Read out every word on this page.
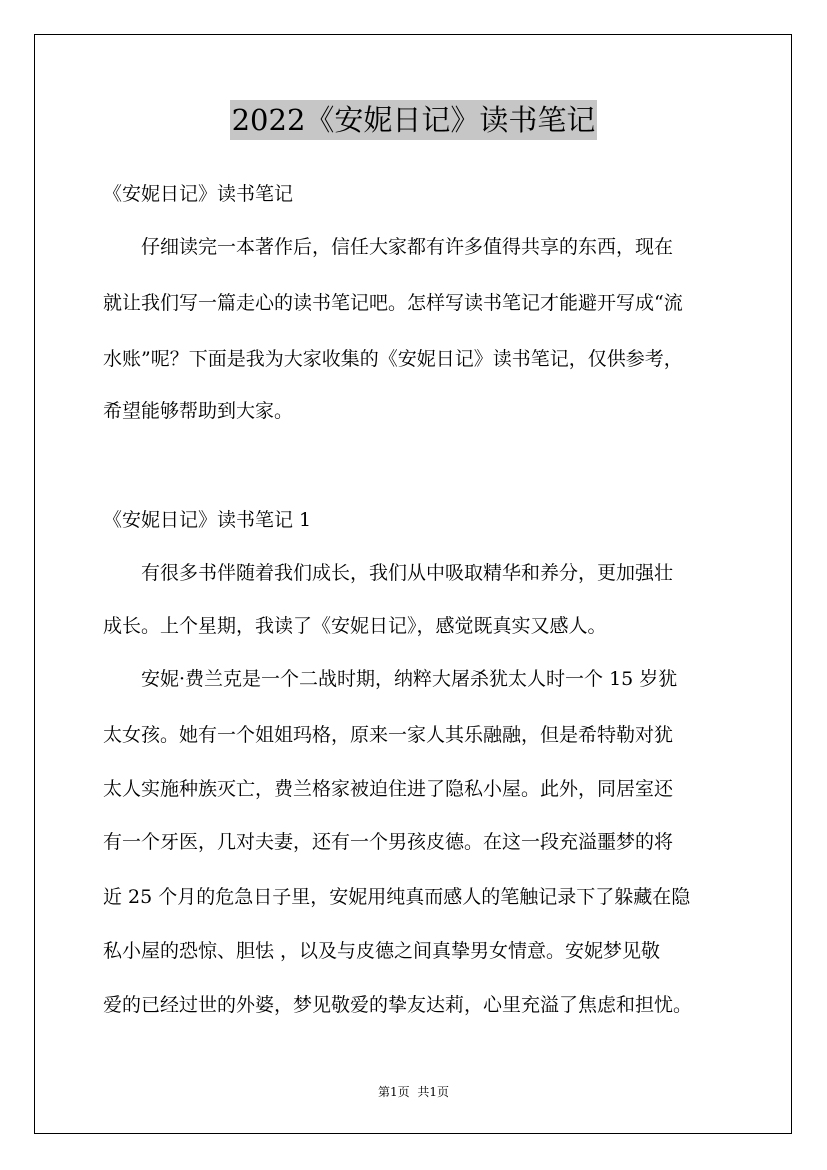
2022《安妮日记》读书笔记
《安妮日记》读书笔记
　　仔细读完一本著作后，信任大家都有许多值得共享的东西，现在
就让我们写一篇走心的读书笔记吧。怎样写读书笔记才能避开写成“流
水账”呢？下面是我为大家收集的《安妮日记》读书笔记，仅供参考，
希望能够帮助到大家。
《安妮日记》读书笔记 1
　　有很多书伴随着我们成长，我们从中吸取精华和养分，更加强壮
成长。上个星期，我读了《安妮日记》，感觉既真实又感人。
　　安妮·费兰克是一个二战时期，纳粹大屠杀犹太人时一个 15 岁犹
太女孩。她有一个姐姐玛格，原来一家人其乐融融，但是希特勒对犹
太人实施种族灭亡，费兰格家被迫住进了隐私小屋。此外，同居室还
有一个牙医，几对夫妻，还有一个男孩皮德。在这一段充溢噩梦的将
近 25 个月的危急日子里，安妮用纯真而感人的笔触记录下了躲藏在隐
私小屋的恐惊、胆怯 ，以及与皮德之间真挚男女情意。安妮梦见敬
爱的已经过世的外婆，梦见敬爱的挚友达莉，心里充溢了焦虑和担忧。
第1页 共1页
